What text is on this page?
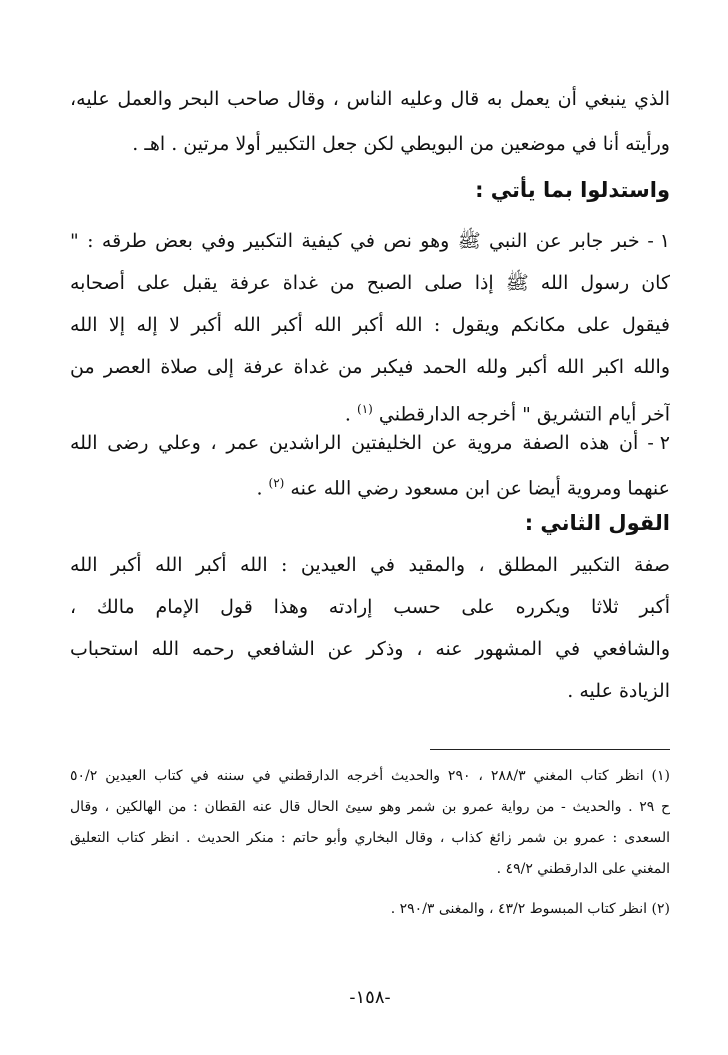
الذي ينبغي أن يعمل به قال وعليه الناس ، وقال صاحب البحر والعمل عليه،
ورأيته أنا في موضعين من البويطي لكن جعل التكبير أولا مرتين . اهـ .
واستدلوا بما يأتي :
١ - خبر جابر عن النبي ﷺ وهو نص في كيفية التكبير وفي بعض طرقه : "
كان رسول الله ﷺ إذا صلى الصبح من غداة عرفة يقبل على أصحابه
فيقول على مكانكم ويقول : الله أكبر الله أكبر الله أكبر لا إله إلا الله
والله اكبر الله أكبر ولله الحمد فيكبر من غداة عرفة إلى صلاة العصر من
آخر أيام التشريق " أخرجه الدارقطني $^{(١)}$ .
٢ - أن هذه الصفة مروية عن الخليفتين الراشدين عمر ، وعلي رضى الله
عنهما ومروية أيضا عن ابن مسعود رضي الله عنه $^{(٢)}$ .
القول الثاني :
صفة التكبير المطلق ، والمقيد في العيدين : الله أكبر الله أكبر الله
أكبر ثلاثا ويكرره على حسب إرادته وهذا قول الإمام مالك ،
والشافعي في المشهور عنه ، وذكر عن الشافعي رحمه الله استحباب
الزيادة عليه .
(١) انظر كتاب المغني ٢٨٨/٣ ، ٢٩٠ والحديث أخرجه الدارقطني في سننه في كتاب العيدين ٥٠/٢
ح ٢٩ . والحديث - من رواية عمرو بن شمر وهو سيئ الحال قال عنه القطان : من الهالكين ، وقال
السعدى : عمرو بن شمر زائغ كذاب ، وقال البخاري وأبو حاتم : منكر الحديث . انظر كتاب التعليق
المغني على الدارقطني ٤٩/٢ .
(٢) انظر كتاب المبسوط ٤٣/٢ ، والمغنى ٢٩٠/٣ .
-١٥٨-
